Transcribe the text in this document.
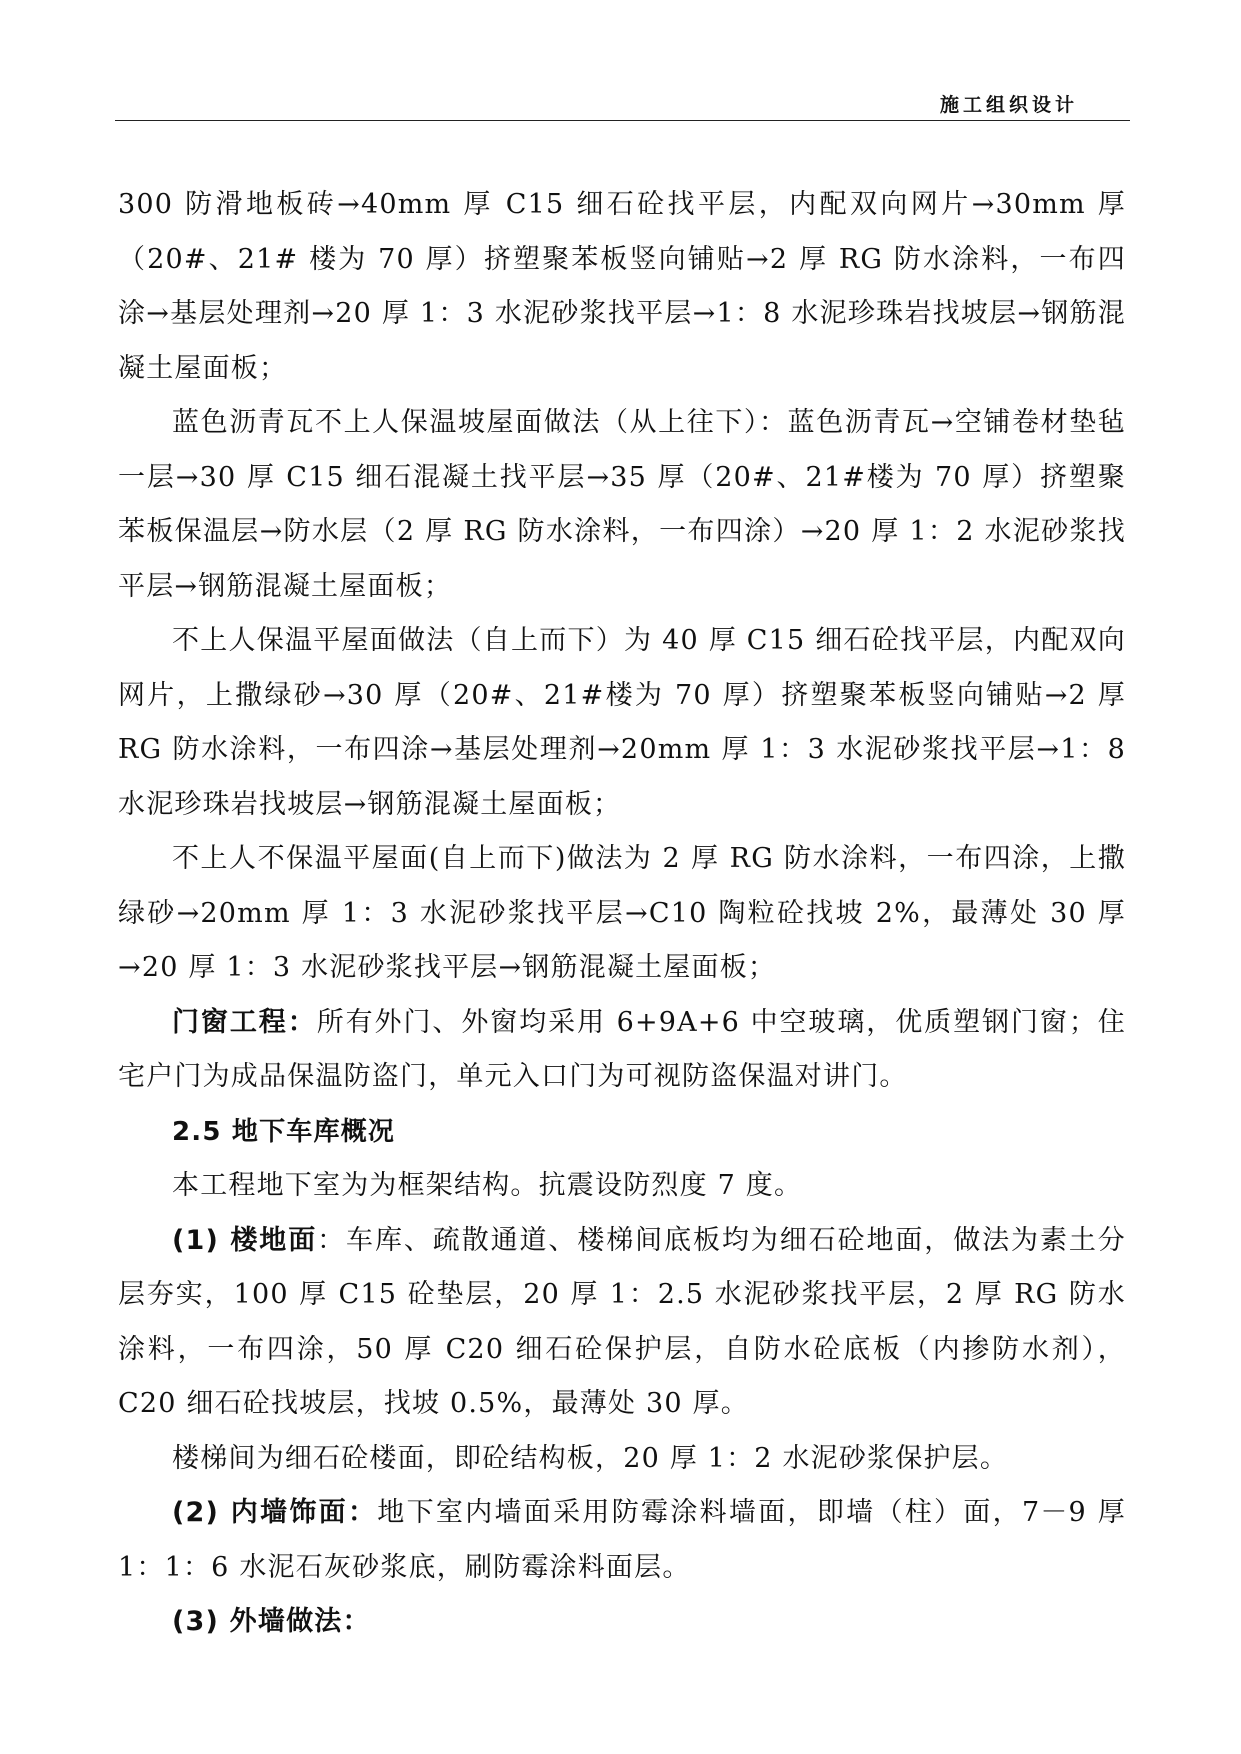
施工组织设计

300 防滑地板砖→40mm 厚 C15 细石砼找平层，内配双向网片→30mm 厚（20#、21# 楼为 70 厚）挤塑聚苯板竖向铺贴→2 厚 RG 防水涂料，一布四涂→基层处理剂→20 厚 1：3 水泥砂浆找平层→1：8 水泥珍珠岩找坡层→钢筋混凝土屋面板；

蓝色沥青瓦不上人保温坡屋面做法（从上往下）：蓝色沥青瓦→空铺卷材垫毡一层→30 厚 C15 细石混凝土找平层→35 厚（20#、21#楼为 70 厚）挤塑聚苯板保温层→防水层（2 厚 RG 防水涂料，一布四涂）→20 厚 1：2 水泥砂浆找平层→钢筋混凝土屋面板；

不上人保温平屋面做法（自上而下）为 40 厚 C15 细石砼找平层，内配双向网片，上撒绿砂→30 厚（20#、21#楼为 70 厚）挤塑聚苯板竖向铺贴→2 厚 RG 防水涂料，一布四涂→基层处理剂→20mm 厚 1：3 水泥砂浆找平层→1：8 水泥珍珠岩找坡层→钢筋混凝土屋面板；

不上人不保温平屋面(自上而下)做法为 2 厚 RG 防水涂料，一布四涂，上撒绿砂→20mm 厚 1：3 水泥砂浆找平层→C10 陶粒砼找坡 2%，最薄处 30 厚→20 厚 1：3 水泥砂浆找平层→钢筋混凝土屋面板；

门窗工程：所有外门、外窗均采用 6+9A+6 中空玻璃，优质塑钢门窗；住宅户门为成品保温防盗门，单元入口门为可视防盗保温对讲门。

2.5 地下车库概况

本工程地下室为为框架结构。抗震设防烈度 7 度。

(1) 楼地面：车库、疏散通道、楼梯间底板均为细石砼地面，做法为素土分层夯实，100 厚 C15 砼垫层，20 厚 1：2.5 水泥砂浆找平层，2 厚 RG 防水涂料，一布四涂，50 厚 C20 细石砼保护层，自防水砼底板（内掺防水剂），C20 细石砼找坡层，找坡 0.5%，最薄处 30 厚。

楼梯间为细石砼楼面，即砼结构板，20 厚 1：2 水泥砂浆保护层。

(2) 内墙饰面：地下室内墙面采用防霉涂料墙面，即墙（柱）面，7－9 厚 1：1：6 水泥石灰砂浆底，刷防霉涂料面层。

(3) 外墙做法：
